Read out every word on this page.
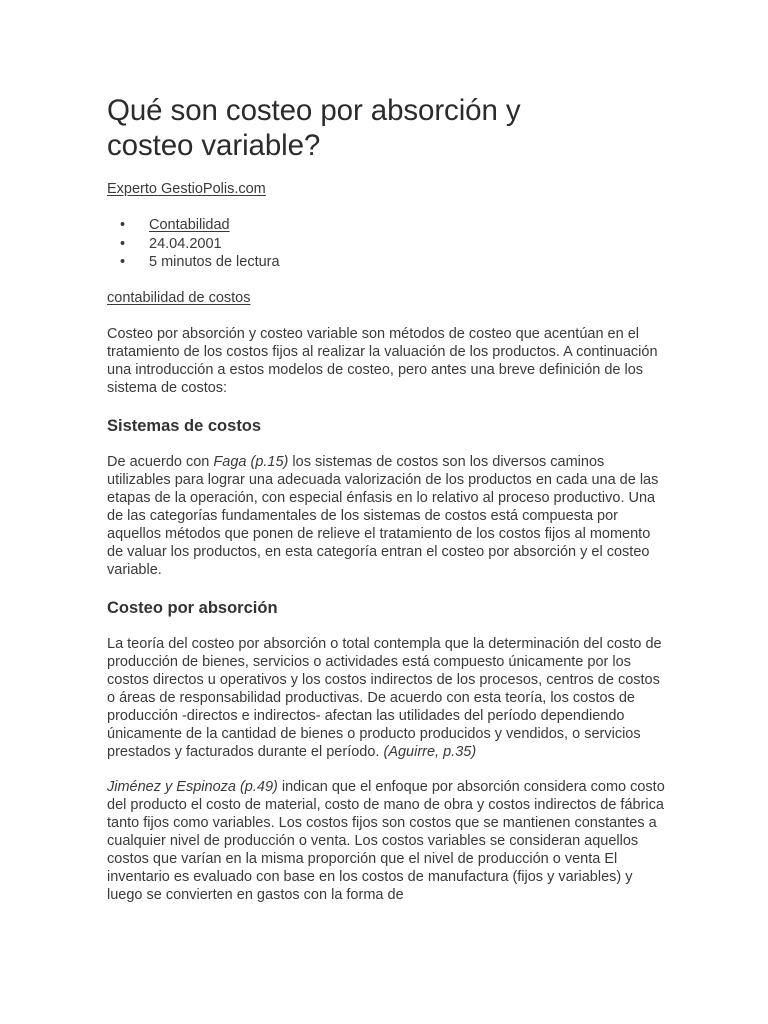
Qué son costeo por absorción y
costeo variable?
Experto GestioPolis.com
• Contabilidad
• 24.04.2001
• 5 minutos de lectura
contabilidad de costos

Costeo por absorción y costeo variable son métodos de costeo que acentúan en el tratamiento de los costos fijos al realizar la valuación de los productos. A continuación una introducción a estos modelos de costeo, pero antes una breve definición de los sistema de costos:

Sistemas de costos

De acuerdo con Faga (p.15) los sistemas de costos son los diversos caminos utilizables para lograr una adecuada valorización de los productos en cada una de las etapas de la operación, con especial énfasis en lo relativo al proceso productivo. Una de las categorías fundamentales de los sistemas de costos está compuesta por aquellos métodos que ponen de relieve el tratamiento de los costos fijos al momento de valuar los productos, en esta categoría entran el costeo por absorción y el costeo variable.

Costeo por absorción

La teoría del costeo por absorción o total contempla que la determinación del costo de producción de bienes, servicios o actividades está compuesto únicamente por los costos directos u operativos y los costos indirectos de los procesos, centros de costos o áreas de responsabilidad productivas. De acuerdo con esta teoría, los costos de producción -directos e indirectos- afectan las utilidades del período dependiendo únicamente de la cantidad de bienes o producto producidos y vendidos, o servicios prestados y facturados durante el período. (Aguirre, p.35)

Jiménez y Espinoza (p.49) indican que el enfoque por absorción considera como costo del producto el costo de material, costo de mano de obra y costos indirectos de fábrica tanto fijos como variables. Los costos fijos son costos que se mantienen constantes a cualquier nivel de producción o venta. Los costos variables se consideran aquellos costos que varían en la misma proporción que el nivel de producción o venta El inventario es evaluado con base en los costos de manufactura (fijos y variables) y luego se convierten en gastos con la forma de
